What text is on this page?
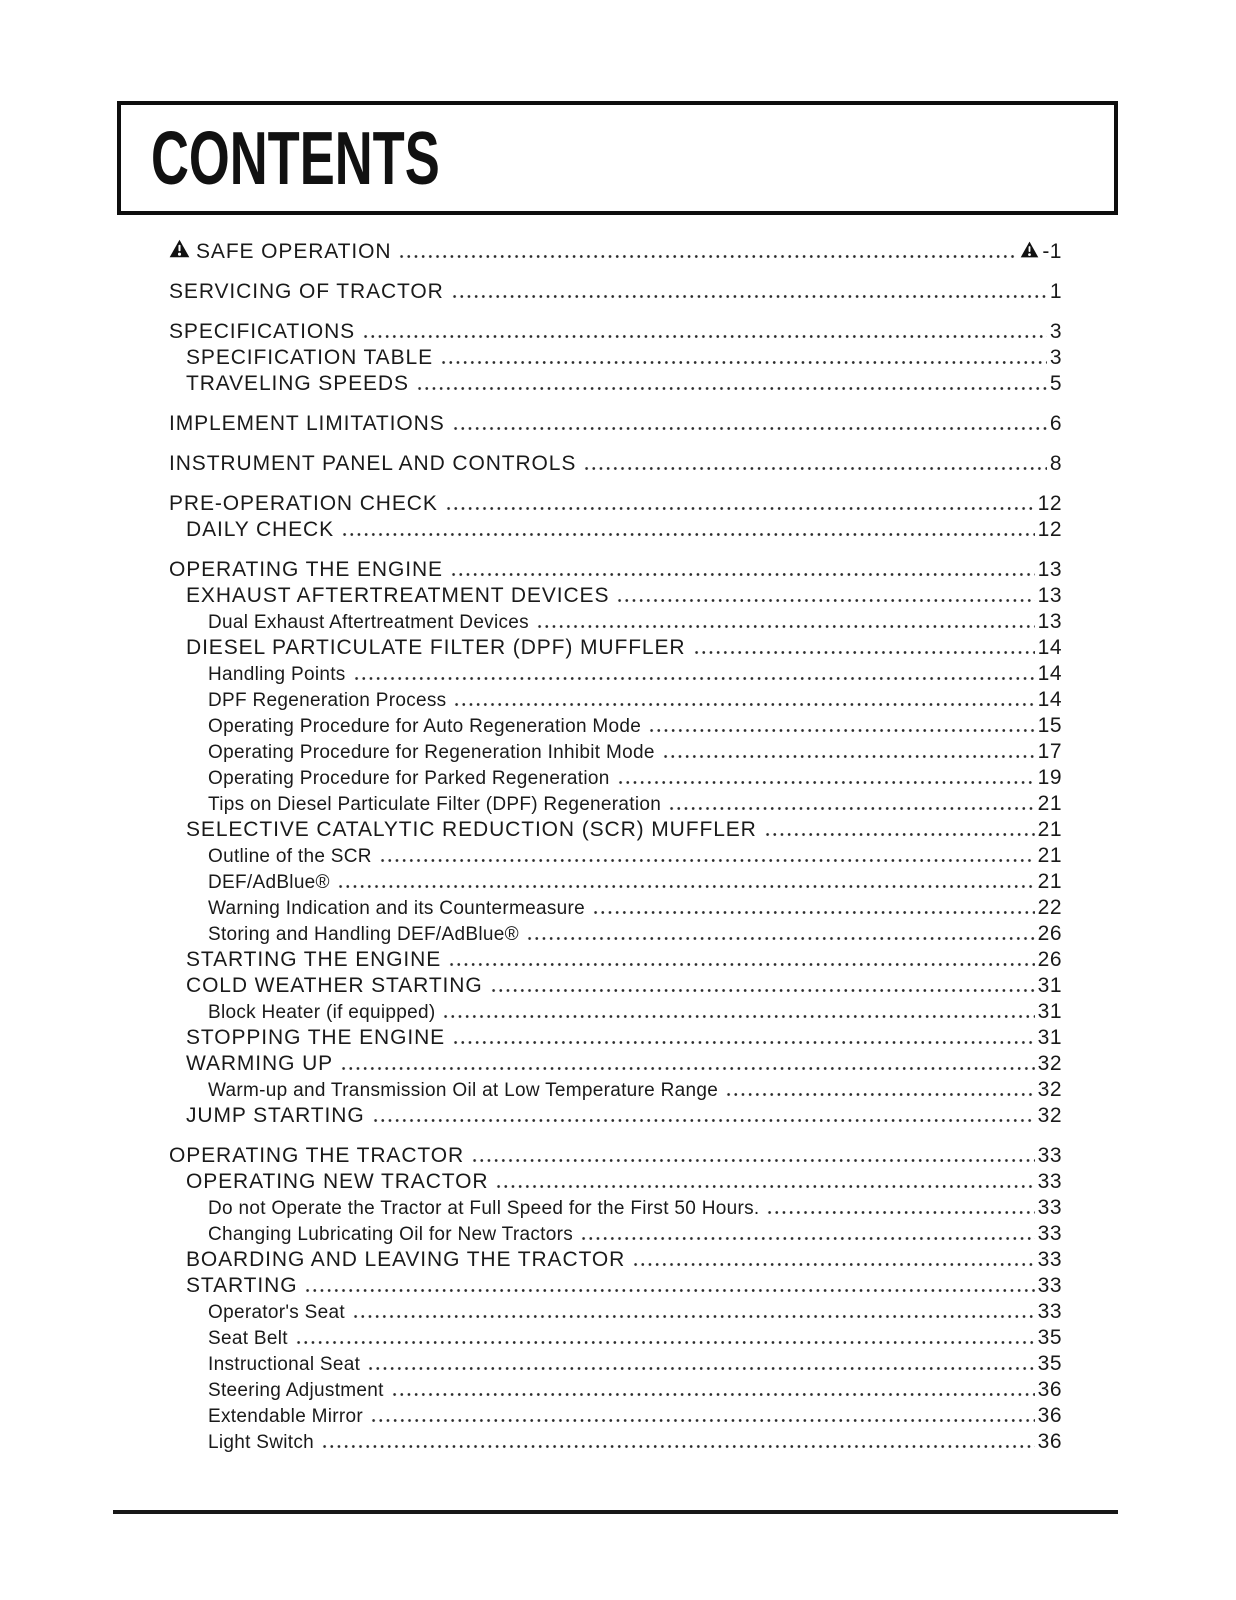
CONTENTS
SAFE OPERATION	-1
SERVICING OF TRACTOR	1
SPECIFICATIONS	3
SPECIFICATION TABLE	3
TRAVELING SPEEDS	5
IMPLEMENT LIMITATIONS	6
INSTRUMENT PANEL AND CONTROLS	8
PRE-OPERATION CHECK	12
DAILY CHECK	12
OPERATING THE ENGINE	13
EXHAUST AFTERTREATMENT DEVICES	13
Dual Exhaust Aftertreatment Devices	13
DIESEL PARTICULATE FILTER (DPF) MUFFLER	14
Handling Points	14
DPF Regeneration Process	14
Operating Procedure for Auto Regeneration Mode	15
Operating Procedure for Regeneration Inhibit Mode	17
Operating Procedure for Parked Regeneration	19
Tips on Diesel Particulate Filter (DPF) Regeneration	21
SELECTIVE CATALYTIC REDUCTION (SCR) MUFFLER	21
Outline of the SCR	21
DEF/AdBlue®	21
Warning Indication and its Countermeasure	22
Storing and Handling DEF/AdBlue®	26
STARTING THE ENGINE	26
COLD WEATHER STARTING	31
Block Heater (if equipped)	31
STOPPING THE ENGINE	31
WARMING UP	32
Warm-up and Transmission Oil at Low Temperature Range	32
JUMP STARTING	32
OPERATING THE TRACTOR	33
OPERATING NEW TRACTOR	33
Do not Operate the Tractor at Full Speed for the First 50 Hours.	33
Changing Lubricating Oil for New Tractors	33
BOARDING AND LEAVING THE TRACTOR	33
STARTING	33
Operator's Seat	33
Seat Belt	35
Instructional Seat	35
Steering Adjustment	36
Extendable Mirror	36
Light Switch	36
